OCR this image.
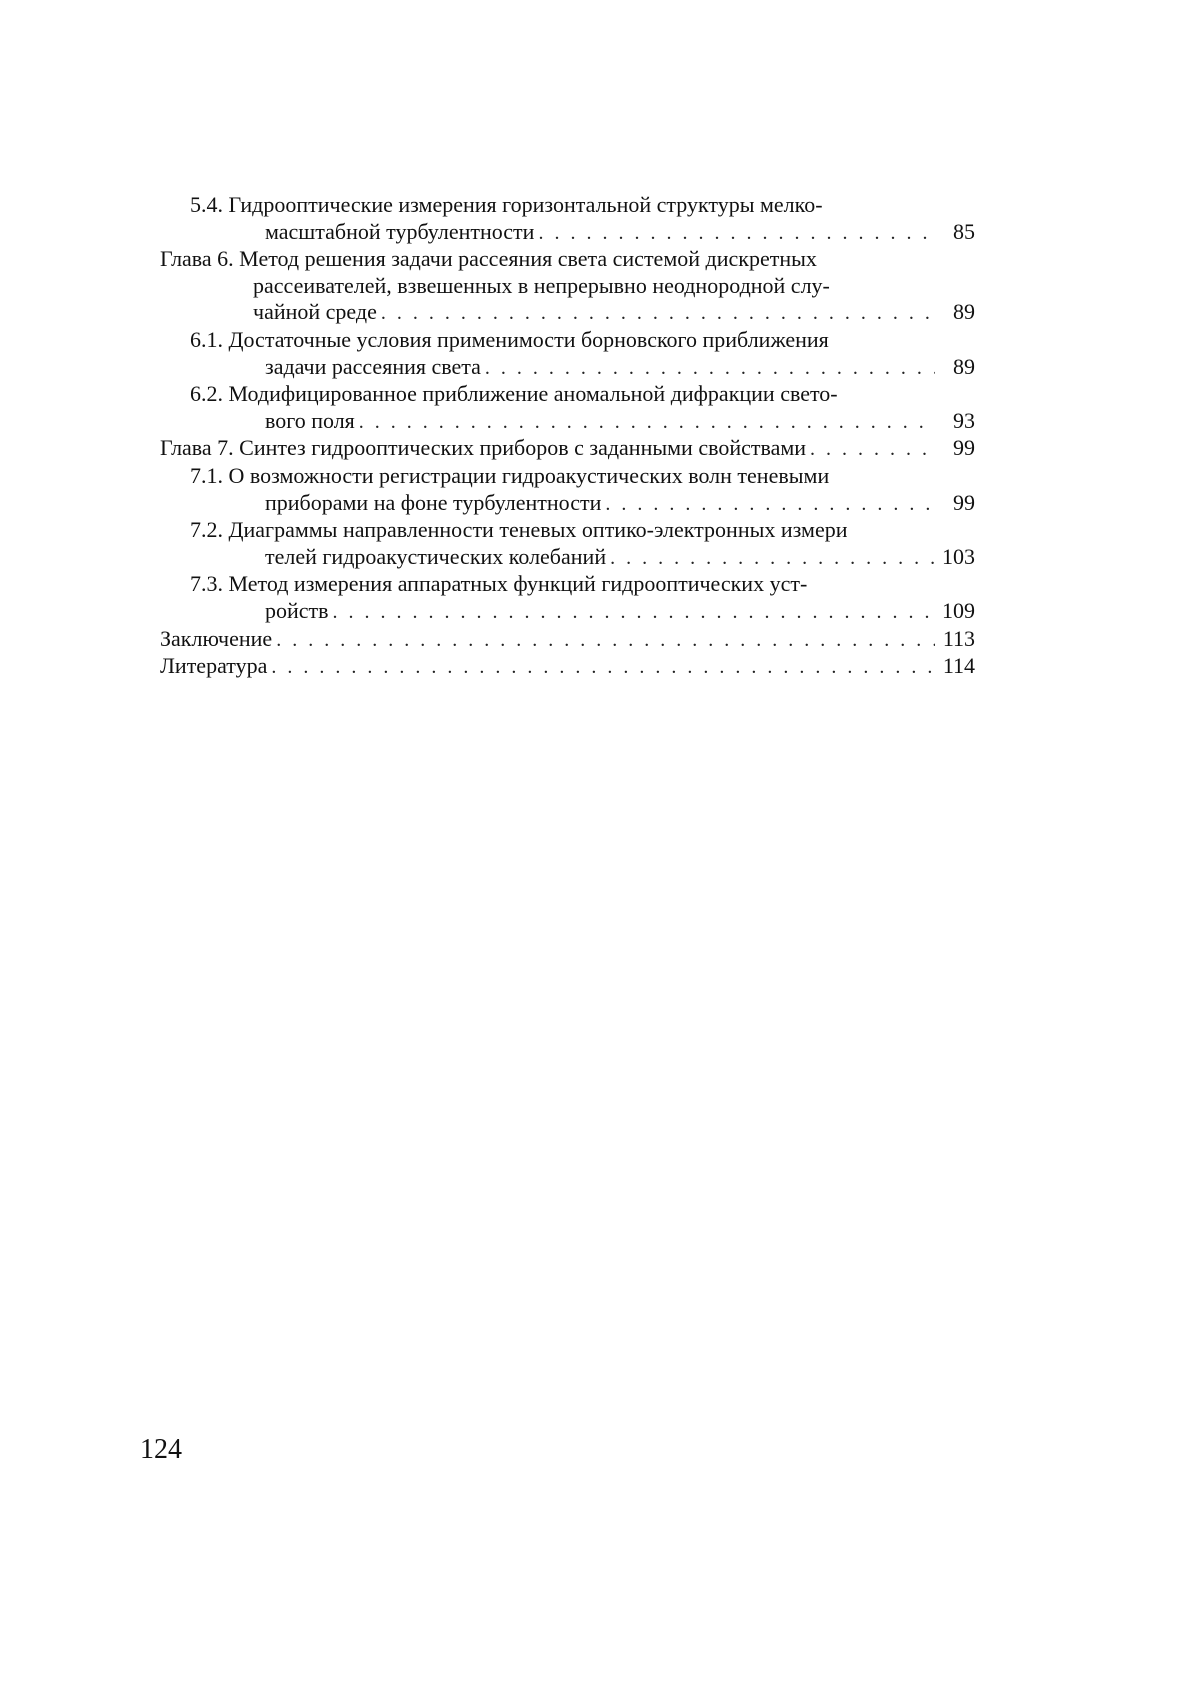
5.4. Гидрооптические измерения горизонтальной структуры мелко-
масштабной турбулентности . . .	85
Глава 6. Метод решения задачи рассеяния света системой дискретных
рассеивателей, взвешенных в непрерывно неоднородной слу-
чайной среде . . .	89
6.1. Достаточные условия применимости борновского приближения
задачи рассеяния света . . .	89
6.2. Модифицированное приближение аномальной дифракции свето-
вого поля . . .	93
Глава 7. Синтез гидрооптических приборов с заданными свойствами . . .	99
7.1. О возможности регистрации гидроакустических волн теневыми
приборами на фоне турбулентности . . .	99
7.2. Диаграммы направленности теневых оптико-электронных измери
телей гидроакустических колебаний . . .	103
7.3. Метод измерения аппаратных функций гидрооптических уст-
ройств . . .	109
Заключение . . .	113
Литература . . .	114
124
